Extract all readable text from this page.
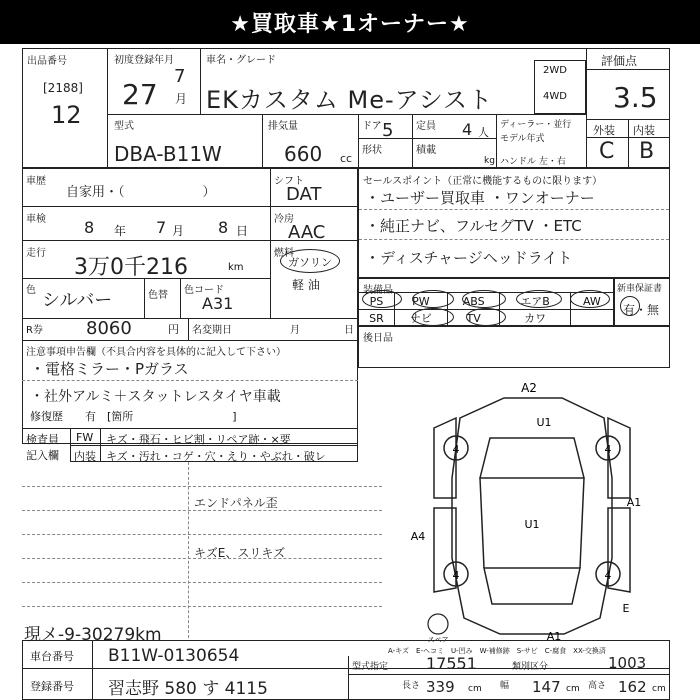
★買取車★1オーナー★
出品番号
[2188]
12
初度登録年月
27
7
月
車名・グレード
EKカスタム Me-アシスト
2WD
4WD
評価点
3.5
外装 内装
C B
型式
DBA-B11W
排気量
660 cc
ドア 5 定員 4 人
ディーラー・並行
モデル年式
形状	積載
kg ハンドル 左・右
車歴
自家用・（　　　　　　）
シフト
DAT
車検 8 年 7 月 8 日
冷房
AAC
走行
3万0千216	km
燃料
ガソリン
軽 油
色 シルバー	色替 色コード
A31
R券 8060	円 名変期日	月	日
注意事項申告欄（不具合内容を具体的に記入して下さい）
・電格ミラー・Pガラス
・社外アルミ＋スタットレスタイヤ車載
修復歴　　有　[箇所　　　　　　　　　]
セールスポイント（正常に機能するものに限ります）
・ユーザー買取車 ・ワンオーナー
・純正ナビ、フルセグTV ・ETC
・ディスチャージヘッドライト
装備品
PS	PW	ABS	エアB	AW
SR	ナビ	TV	カワ	
新車保証書
有・無
後日品
検査員
記入欄
FW キズ・飛石・ヒビ割・リペア跡・×要
内装 キズ・汚れ・コゲ・穴・えり・やぶれ・破レ
エンドパネル歪
キズE、スリキズ
現メ-9-30279km
A2
U1
U1
A4
A1
A1
E
4	4
4	4
スペア
A-キズ　E-ヘコミ　U-凹み　W-補修跡　S-サビ　C-腐食　XX-交換済
車台番号 B11W-0130654
登録番号 習志野 580 す 4115
型式指定 17551	類別区分	1003
長さ 339 cm 幅 147 cm 高さ 162 cm
